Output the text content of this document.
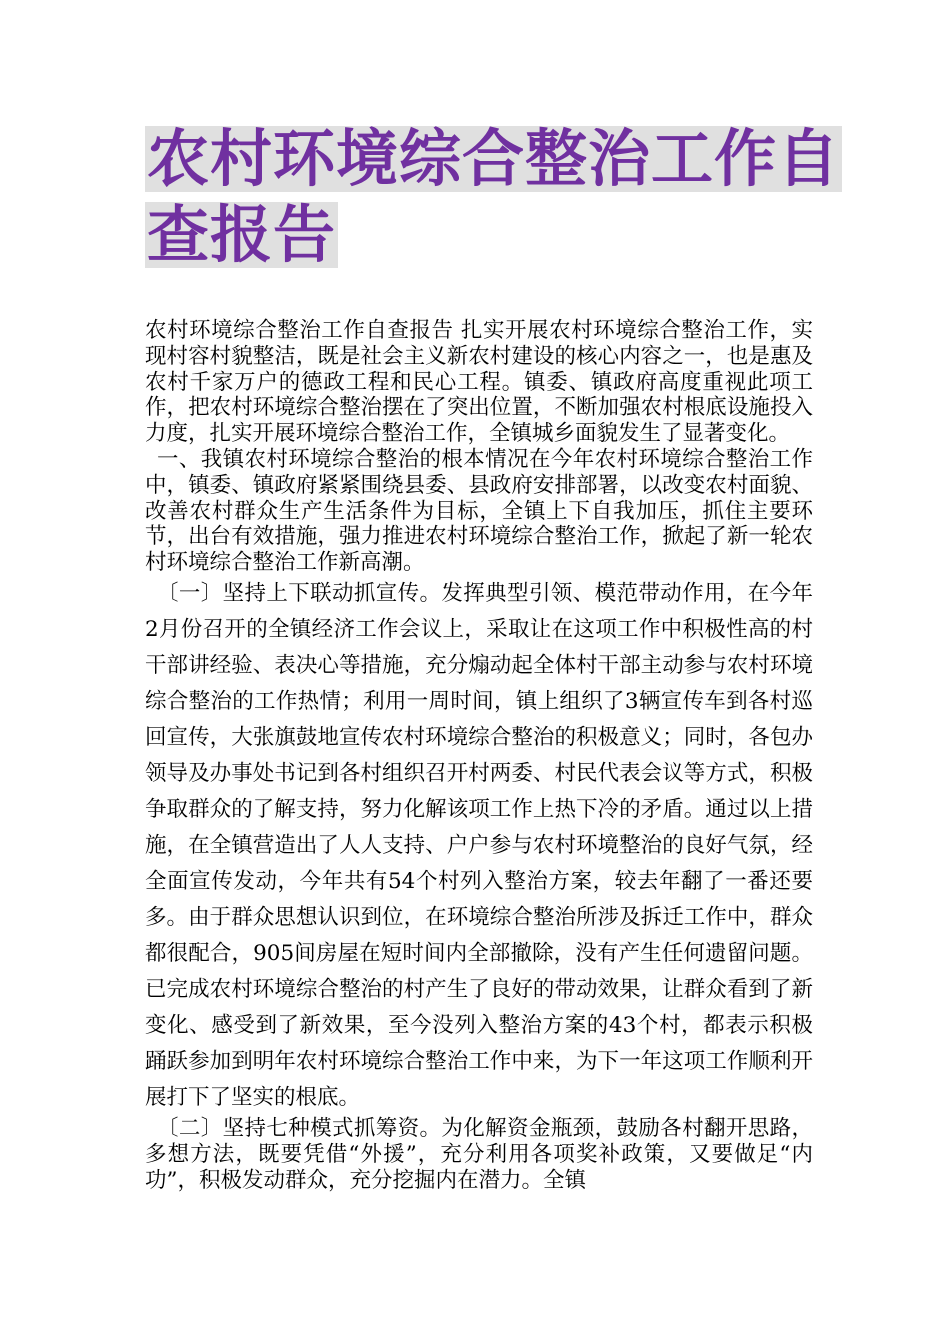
农村环境综合整治工作自
查报告

农村环境综合整治工作自查报告 扎实开展农村环境综合整治工作，实现村容村貌整洁，既是社会主义新农村建设的核心内容之一，也是惠及农村千家万户的德政工程和民心工程。镇委、镇政府高度重视此项工作，把农村环境综合整治摆在了突出位置，不断加强农村根底设施投入力度，扎实开展环境综合整治工作，全镇城乡面貌发生了显著变化。

一、我镇农村环境综合整治的根本情况在今年农村环境综合整治工作中，镇委、镇政府紧紧围绕县委、县政府安排部署，以改变农村面貌、改善农村群众生产生活条件为目标，全镇上下自我加压，抓住主要环节，出台有效措施，强力推进农村环境综合整治工作，掀起了新一轮农村环境综合整治工作新高潮。

〔一〕坚持上下联动抓宣传。发挥典型引领、模范带动作用，在今年2月份召开的全镇经济工作会议上，采取让在这项工作中积极性高的村干部讲经验、表决心等措施，充分煽动起全体村干部主动参与农村环境综合整治的工作热情；利用一周时间，镇上组织了3辆宣传车到各村巡回宣传，大张旗鼓地宣传农村环境综合整治的积极意义；同时，各包办领导及办事处书记到各村组织召开村两委、村民代表会议等方式，积极争取群众的了解支持，努力化解该项工作上热下冷的矛盾。通过以上措施，在全镇营造出了人人支持、户户参与农村环境整治的良好气氛，经全面宣传发动，今年共有54个村列入整治方案，较去年翻了一番还要多。由于群众思想认识到位，在环境综合整治所涉及拆迁工作中，群众都很配合，905间房屋在短时间内全部撤除，没有产生任何遗留问题。已完成农村环境综合整治的村产生了良好的带动效果，让群众看到了新变化、感受到了新效果，至今没列入整治方案的43个村，都表示积极踊跃参加到明年农村环境综合整治工作中来，为下一年这项工作顺利开展打下了坚实的根底。

〔二〕坚持七种模式抓筹资。为化解资金瓶颈，鼓励各村翻开思路，多想方法，既要凭借“外援”，充分利用各项奖补政策，又要做足“内功”，积极发动群众，充分挖掘内在潜力。全镇
